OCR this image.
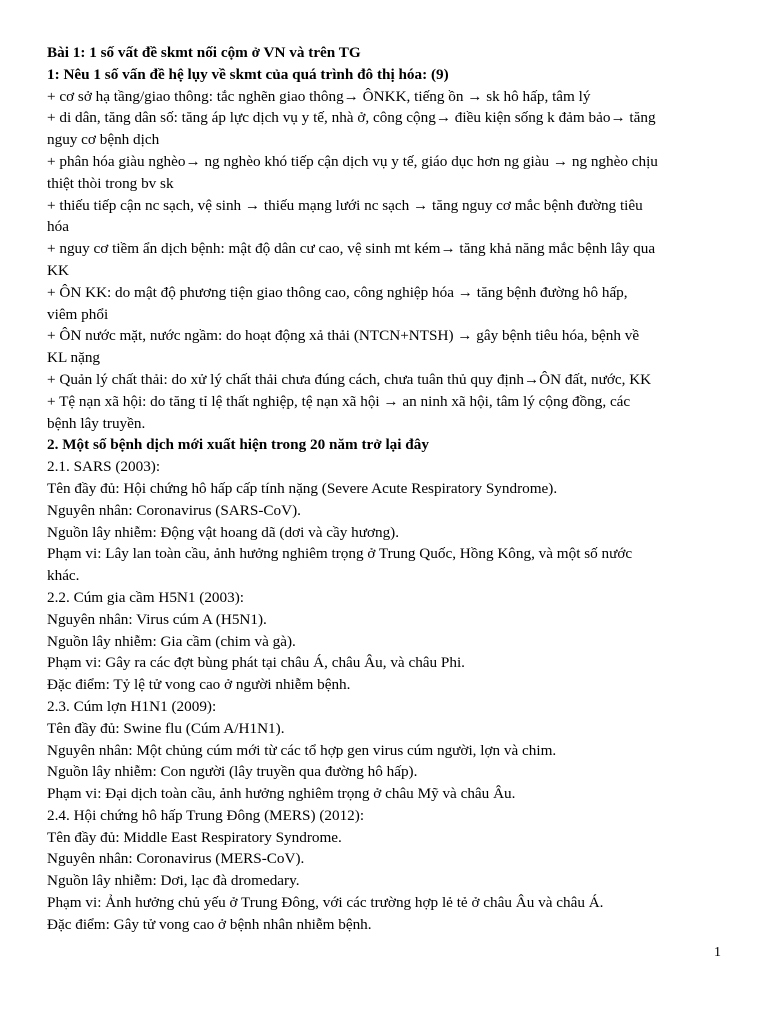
Bài 1: 1 số vất đề skmt nối cộm ở VN và trên TG
1: Nêu 1 số vấn đề hệ lụy về skmt của quá trình đô thị hóa: (9)
+ cơ sở hạ tầng/giao thông: tắc nghẽn giao thông→ ÔNKK, tiếng ồn → sk hô hấp, tâm lý
+ di dân, tăng dân số: tăng áp lực dịch vụ y tế, nhà ở, công cộng→ điều kiện sống k đảm bảo→ tăng
nguy cơ bệnh dịch
+ phân hóa giàu nghèo→ ng nghèo khó tiếp cận dịch vụ y tế, giáo dục hơn ng giàu → ng nghèo chịu
thiệt thòi trong bv sk
+ thiếu tiếp cận nc sạch, vệ sinh → thiếu mạng lưới nc sạch → tăng nguy cơ mắc bệnh đường tiêu
hóa
+ nguy cơ tiềm ẩn dịch bệnh: mật độ dân cư cao, vệ sinh mt kém→ tăng khả năng mắc bệnh lây qua
KK
+ ÔN KK: do mật độ phương tiện giao thông cao, công nghiệp hóa → tăng bệnh đường hô hấp,
viêm phổi
+ ÔN nước mặt, nước ngầm: do hoạt động xả thải (NTCN+NTSH) → gây bệnh tiêu hóa, bệnh về
KL nặng
+ Quản lý chất thải: do xử lý chất thải chưa đúng cách, chưa tuân thủ quy định→ÔN đất, nước, KK
+ Tệ nạn xã hội: do tăng tỉ lệ thất nghiệp, tệ nạn xã hội → an ninh xã hội, tâm lý cộng đồng, các
bệnh lây truyền.
2. Một số bệnh dịch mới xuất hiện trong 20 năm trở lại đây
2.1. SARS (2003):
Tên đầy đủ: Hội chứng hô hấp cấp tính nặng (Severe Acute Respiratory Syndrome).
Nguyên nhân: Coronavirus (SARS-CoV).
Nguồn lây nhiễm: Động vật hoang dã (dơi và cầy hương).
Phạm vi: Lây lan toàn cầu, ảnh hưởng nghiêm trọng ở Trung Quốc, Hồng Kông, và một số nước
khác.
2.2. Cúm gia cầm H5N1 (2003):
Nguyên nhân: Virus cúm A (H5N1).
Nguồn lây nhiễm: Gia cầm (chim và gà).
Phạm vi: Gây ra các đợt bùng phát tại châu Á, châu Âu, và châu Phi.
Đặc điểm: Tỷ lệ tử vong cao ở người nhiễm bệnh.
2.3. Cúm lợn H1N1 (2009):
Tên đầy đủ: Swine flu (Cúm A/H1N1).
Nguyên nhân: Một chủng cúm mới từ các tổ hợp gen virus cúm người, lợn và chim.
Nguồn lây nhiễm: Con người (lây truyền qua đường hô hấp).
Phạm vi: Đại dịch toàn cầu, ảnh hưởng nghiêm trọng ở châu Mỹ và châu Âu.
2.4. Hội chứng hô hấp Trung Đông (MERS) (2012):
Tên đầy đủ: Middle East Respiratory Syndrome.
Nguyên nhân: Coronavirus (MERS-CoV).
Nguồn lây nhiễm: Dơi, lạc đà dromedary.
Phạm vi: Ảnh hưởng chủ yếu ở Trung Đông, với các trường hợp lẻ tẻ ở châu Âu và châu Á.
Đặc điểm: Gây tử vong cao ở bệnh nhân nhiễm bệnh.
1
